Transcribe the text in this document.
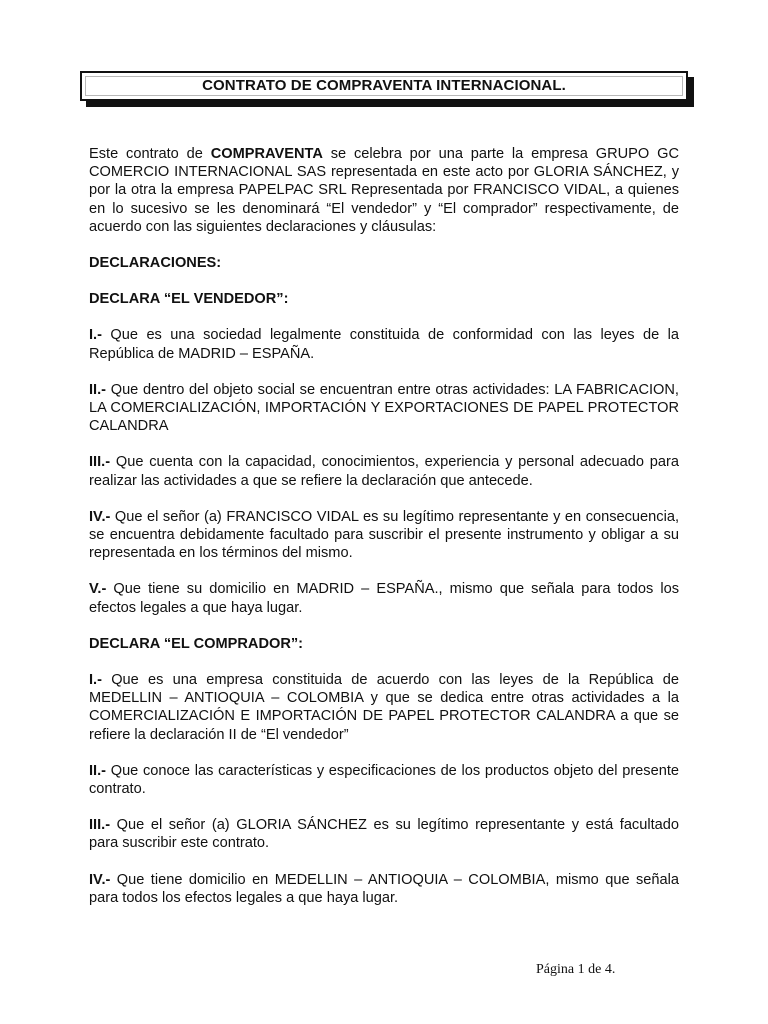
CONTRATO DE COMPRAVENTA INTERNACIONAL.

Este contrato de COMPRAVENTA se celebra por una parte la empresa GRUPO GC COMERCIO INTERNACIONAL SAS representada en este acto por GLORIA SÁNCHEZ, y por la otra la empresa PAPELPAC SRL Representada por FRANCISCO VIDAL, a quienes en lo sucesivo se les denominará “El vendedor” y “El comprador” respectivamente, de acuerdo con las siguientes declaraciones y cláusulas:

DECLARACIONES:

DECLARA “EL VENDEDOR”:

I.- Que es una sociedad legalmente constituida de conformidad con las leyes de la República de MADRID – ESPAÑA.

II.- Que dentro del objeto social se encuentran entre otras actividades: LA FABRICACION, LA COMERCIALIZACIÓN, IMPORTACIÓN Y EXPORTACIONES DE PAPEL PROTECTOR CALANDRA

III.- Que cuenta con la capacidad, conocimientos, experiencia y personal adecuado para realizar las actividades a que se refiere la declaración que antecede.

IV.- Que el señor (a) FRANCISCO VIDAL es su legítimo representante y en consecuencia, se encuentra debidamente facultado para suscribir el presente instrumento y obligar a su representada en los términos del mismo.

V.- Que tiene su domicilio en MADRID – ESPAÑA., mismo que señala para todos los efectos legales a que haya lugar.

DECLARA “EL COMPRADOR”:

I.- Que es una empresa constituida de acuerdo con las leyes de la República de MEDELLIN – ANTIOQUIA – COLOMBIA y que se dedica entre otras actividades a la COMERCIALIZACIÓN E IMPORTACIÓN DE PAPEL PROTECTOR CALANDRA a que se refiere la declaración II de “El vendedor”

II.- Que conoce las características y especificaciones de los productos objeto del presente contrato.

III.- Que el señor (a) GLORIA SÁNCHEZ es su legítimo representante y está facultado para suscribir este contrato.

IV.- Que tiene domicilio en MEDELLIN – ANTIOQUIA – COLOMBIA, mismo que señala para todos los efectos legales a que haya lugar.

Página 1 de 4.
